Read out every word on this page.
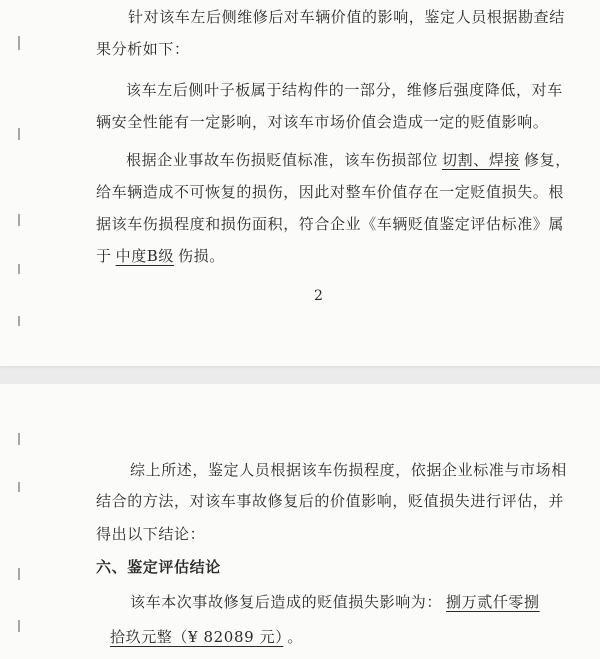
针对该车左后侧维修后对车辆价值的影响，鉴定人员根据勘查结
果分析如下：
该车左后侧叶子板属于结构件的一部分，维修后强度降低，对车
辆安全性能有一定影响，对该车市场价值会造成一定的贬值影响。
根据企业事故车伤损贬值标准，该车伤损部位 切割、焊接 修复，
给车辆造成不可恢复的损伤，因此对整车价值存在一定贬值损失。根
据该车伤损程度和损伤面积，符合企业《车辆贬值鉴定评估标准》属
于 中度B级 伤损。
2
综上所述，鉴定人员根据该车伤损程度，依据企业标准与市场相
结合的方法，对该车事故修复后的价值影响，贬值损失进行评估，并
得出以下结论：
六、鉴定评估结论
该车本次事故修复后造成的贬值损失影响为： 捌万贰仟零捌
拾玖元整（¥ 82089 元） 。
